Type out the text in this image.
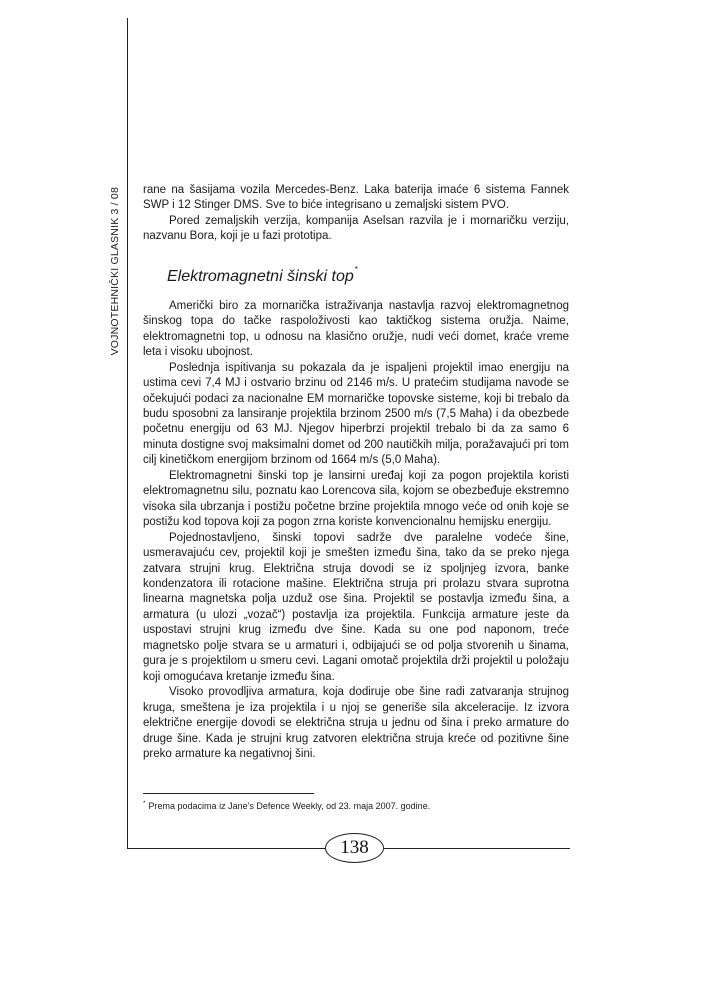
VOJNOTEHNIČKI GLASNIK 3 / 08 rane na šasijama vozila Mercedes-Benz. Laka baterija imaće 6 sistema Fannek SWP i 12 Stinger DMS. Sve to biće integrisano u zemaljski sistem PVO.

Pored zemaljskih verzija, kompanija Aselsan razvila je i mornaričku verziju, nazvanu Bora, koji je u fazi prototipa.

Elektromagnetni šinski top*

Američki biro za mornarička istraživanja nastavlja razvoj elektromagnetnog šinskog topa do tačke raspoloživosti kao taktičkog sistema oružja. Naime, elektromagnetni top, u odnosu na klasično oružje, nudi veći domet, kraće vreme leta i visoku ubojnost.

Poslednja ispitivanja su pokazala da je ispaljeni projektil imao energiju na ustima cevi 7,4 MJ i ostvario brzinu od 2146 m/s. U pratećim studijama navode se očekujući podaci za nacionalne EM mornaričke topovske sisteme, koji bi trebalo da budu sposobni za lansiranje projektila brzinom 2500 m/s (7,5 Maha) i da obezbede početnu energiju od 63 MJ. Njegov hiperbrzi projektil trebalo bi da za samo 6 minuta dostigne svoj maksimalni domet od 200 nautičkih milja, poražavajući pri tom cilj kinetičkom energijom brzinom od 1664 m/s (5,0 Maha).

Elektromagnetni šinski top je lansirni uređaj koji za pogon projektila koristi elektromagnetnu silu, poznatu kao Lorencova sila, kojom se obezbeđuje ekstremno visoka sila ubrzanja i postižu početne brzine projektila mnogo veće od onih koje se postižu kod topova koji za pogon zrna koriste konvencionalnu hemijsku energiju.

Pojednostavljeno, šinski topovi sadrže dve paralelne vodeće šine, usmeravajuću cev, projektil koji je smešten između šina, tako da se preko njega zatvara strujni krug. Električna struja dovodi se iz spoljnjeg izvora, banke kondenzatora ili rotacione mašine. Električna struja pri prolazu stvara suprotna linearna magnetska polja uzduž ose šina. Projektil se postavlja između šina, a armatura (u ulozi „vozač“) postavlja iza projektila. Funkcija armature jeste da uspostavi strujni krug između dve šine. Kada su one pod naponom, treće magnetsko polje stvara se u armaturi i, odbijajući se od polja stvorenih u šinama, gura je s projektilom u smeru cevi. Lagani omotač projektila drži projektil u položaju koji omogućava kretanje između šina.

Visoko provodljiva armatura, koja dodiruje obe šine radi zatvaranja strujnog kruga, smeštena je iza projektila i u njoj se generiše sila akceleracije. Iz izvora električne energije dovodi se električna struja u jednu od šina i preko armature do druge šine. Kada je strujni krug zatvoren električna struja kreće od pozitivne šine preko armature ka negativnoj šini.

* Prema podacima iz Jane’s Defence Weekly, od 23. maja 2007. godine.
138
